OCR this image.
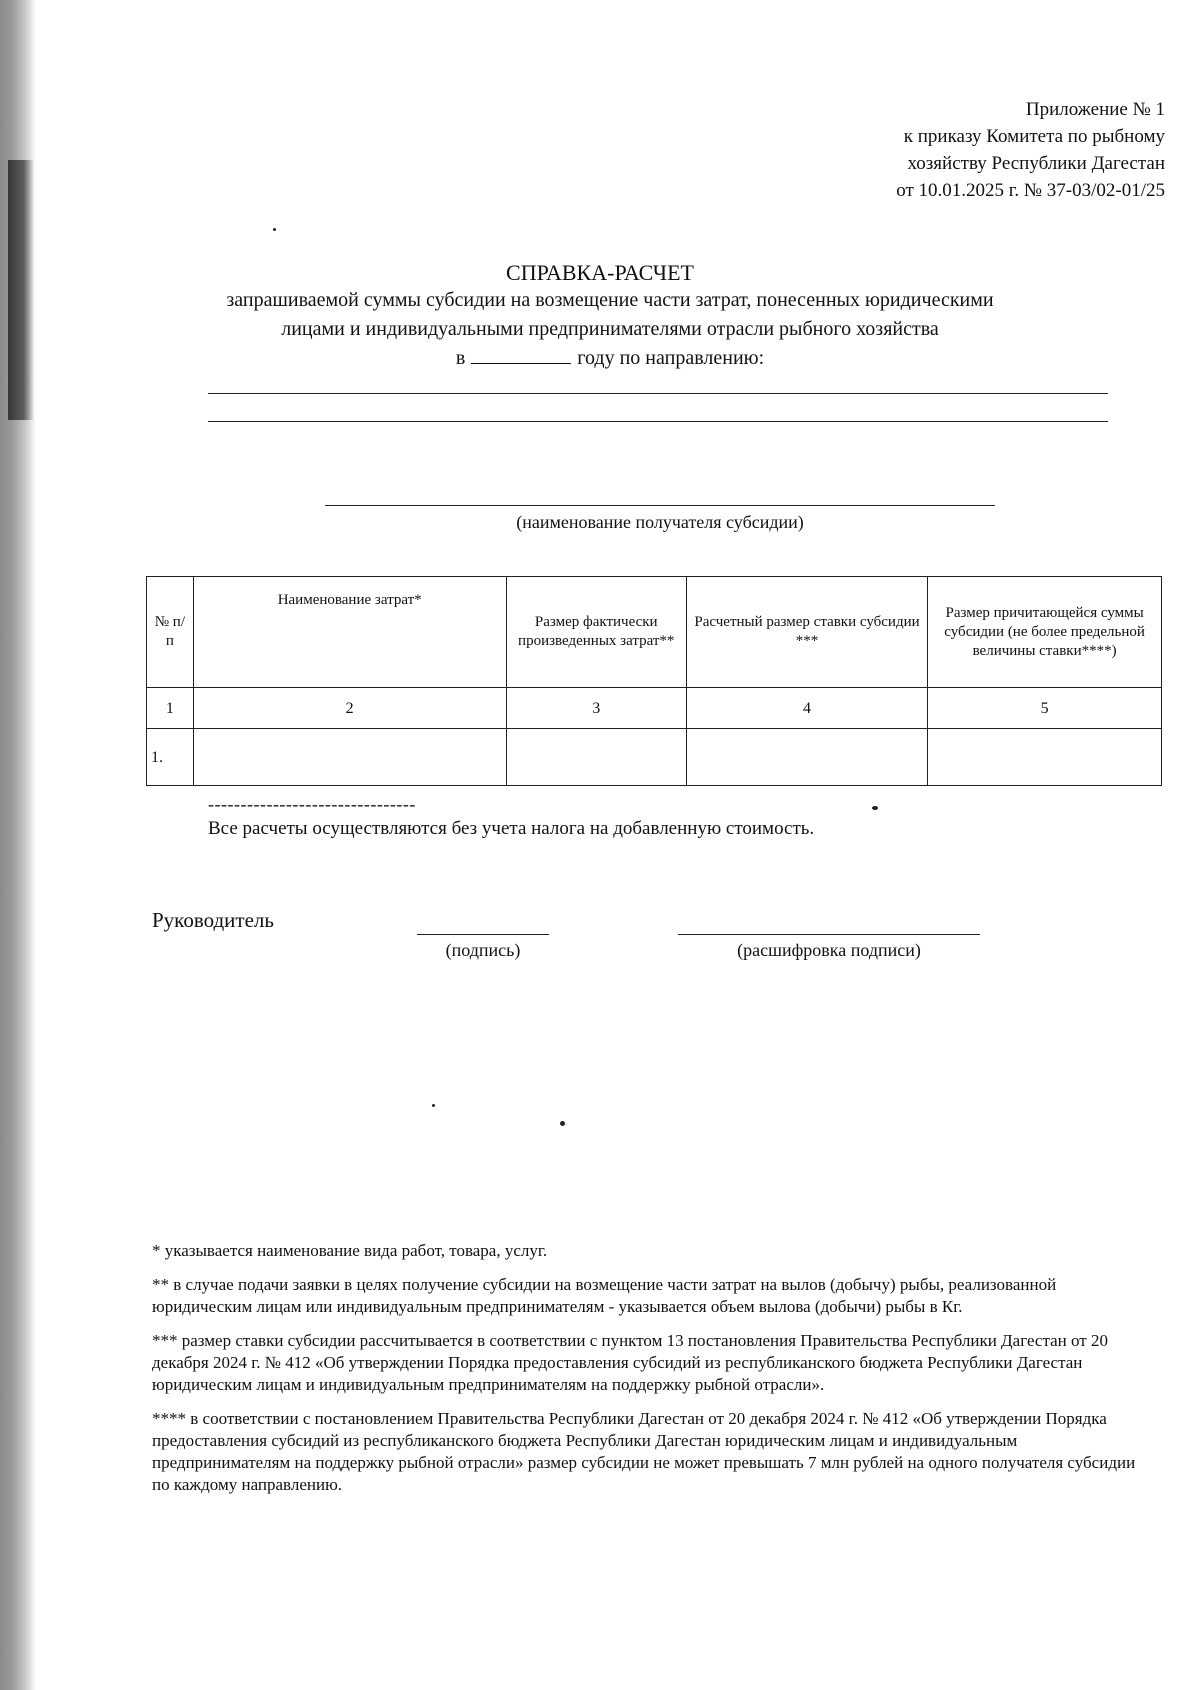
Приложение № 1
к приказу Комитета по рыбному
хозяйству Республики Дагестан
от 10.01.2025 г. № 37-03/02-01/25
СПРАВКА-РАСЧЕТ
запрашиваемой суммы субсидии на возмещение части затрат, понесенных юридическими
лицами и индивидуальными предпринимателями отрасли рыбного хозяйства
в	году по направлению:
(наименование получателя субсидии)
№ п/п	Наименование затрат*	Размер фактически произведенных затрат**	Расчетный размер ставки субсидии ***	Размер причитающейся суммы субсидии (не более предельной величины ставки****)
1	2	3	4	5
1.				
--------------------------------
Все расчеты осуществляются без учета налога на добавленную стоимость.
Руководитель
(подпись)	(расшифровка подписи)

* указывается наименование вида работ, товара, услуг.

** в случае подачи заявки в целях получение субсидии на возмещение части затрат на вылов (добычу) рыбы, реализованной юридическим лицам или индивидуальным предпринимателям - указывается объем вылова (добычи) рыбы в Кг.

*** размер ставки субсидии рассчитывается в соответствии с пунктом 13 постановления Правительства Республики Дагестан от 20 декабря 2024 г. № 412 «Об утверждении Порядка предоставления субсидий из республиканского бюджета Республики Дагестан юридическим лицам и индивидуальным предпринимателям на поддержку рыбной отрасли».

**** в соответствии с постановлением Правительства Республики Дагестан от 20 декабря 2024 г. № 412 «Об утверждении Порядка предоставления субсидий из республиканского бюджета Республики Дагестан юридическим лицам и индивидуальным предпринимателям на поддержку рыбной отрасли» размер субсидии не может превышать 7 млн рублей на одного получателя субсидии по каждому направлению.
